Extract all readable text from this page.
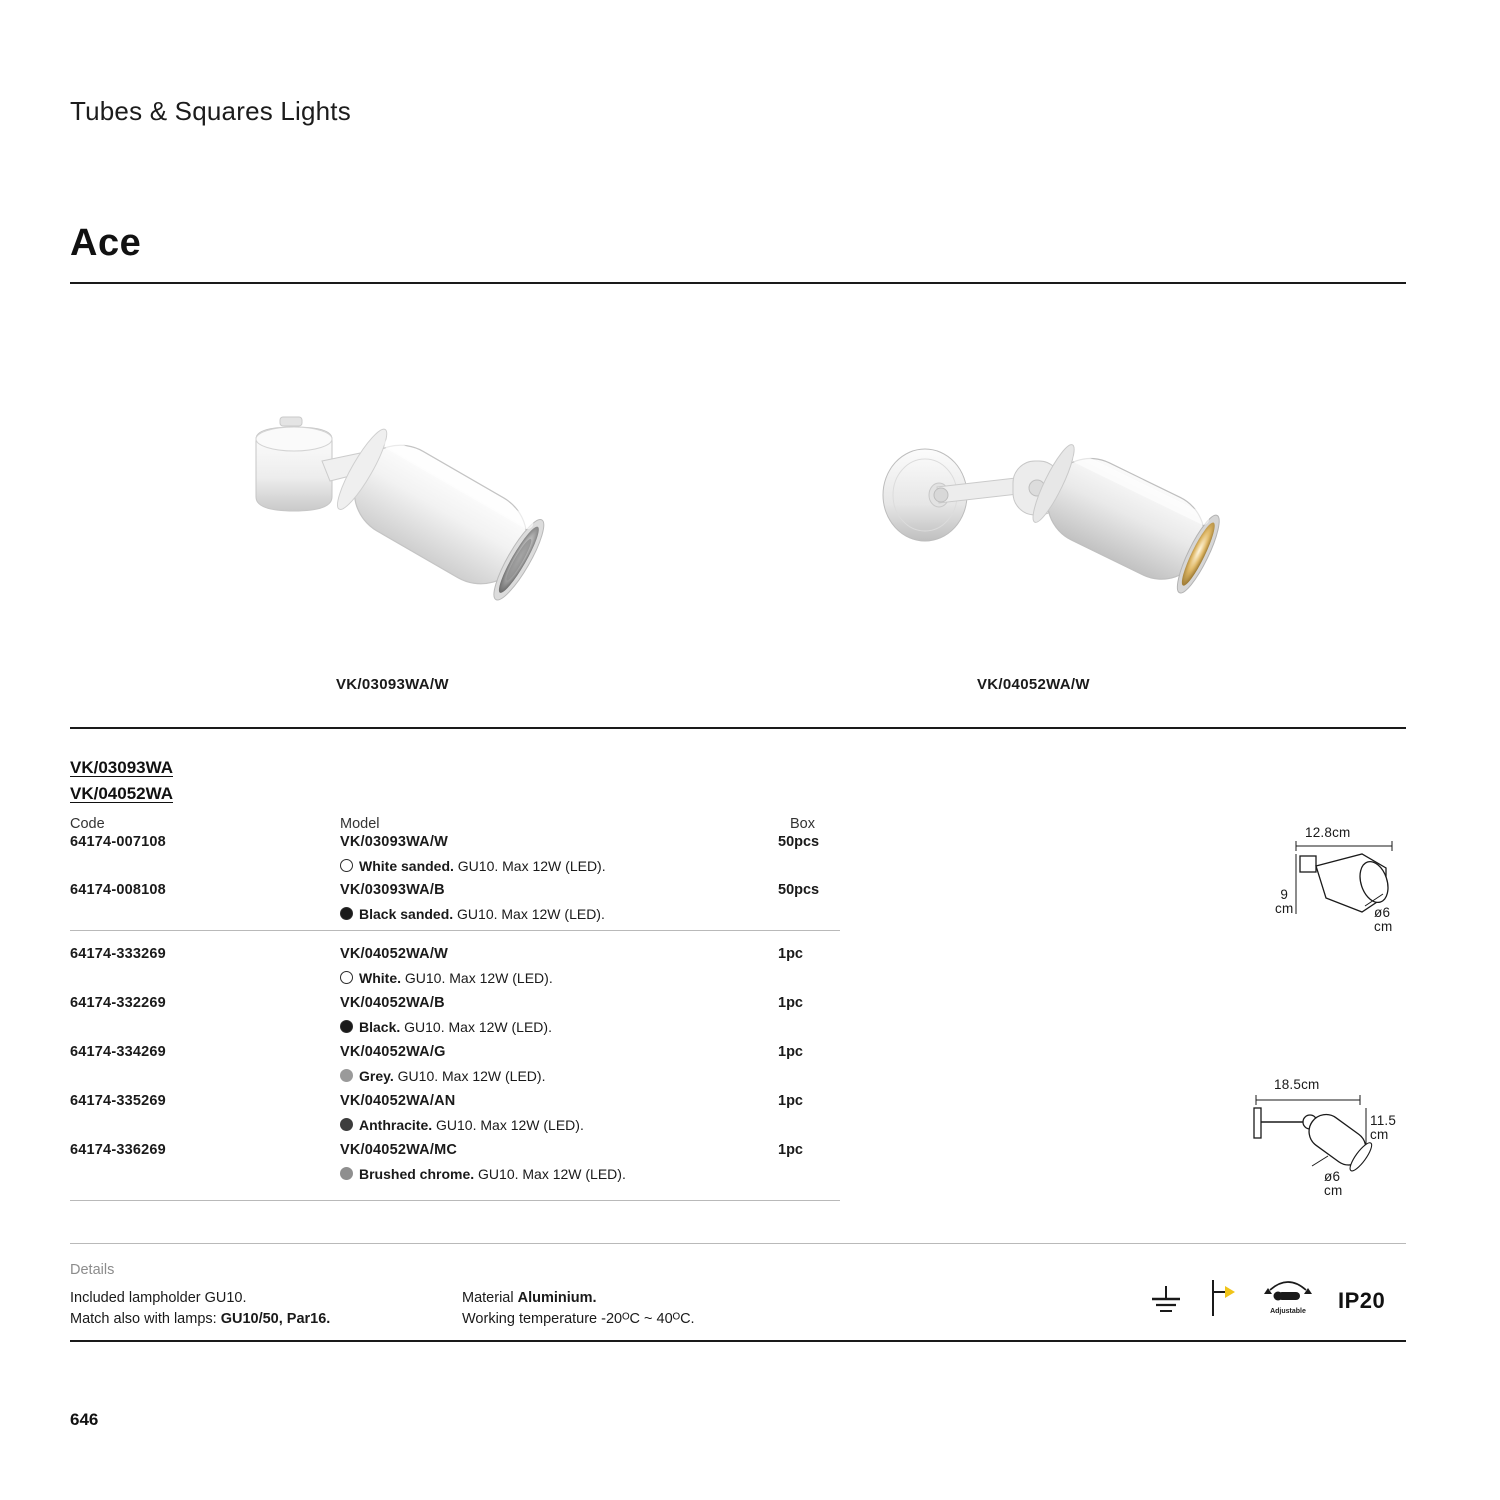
Tubes & Squares Lights
Ace
VK/03093WA/W	VK/04052WA/W
VK/03093WA
VK/04052WA
Code	Model	Box
64174-007108	VK/03093WA/W	50pcs
White sanded. GU10. Max 12W (LED).
64174-008108	VK/03093WA/B	50pcs
Black sanded. GU10. Max 12W (LED).
64174-333269	VK/04052WA/W	1pc
White. GU10. Max 12W (LED).
64174-332269	VK/04052WA/B	1pc
Black. GU10. Max 12W (LED).
64174-334269	VK/04052WA/G	1pc
Grey. GU10. Max 12W (LED).
64174-335269	VK/04052WA/AN	1pc
Anthracite. GU10. Max 12W (LED).
64174-336269	VK/04052WA/MC	1pc
Brushed chrome. GU10. Max 12W (LED).
12.8cm
9
cm	ø6
cm
18.5cm
11.5
cm
ø6
cm
Details
Included lampholder GU10.
Match also with lamps: GU10/50, Par16.
Material Aluminium.
Working temperature -20ᴼC ~ 40ᴼC.	Adjustable IP20
646
